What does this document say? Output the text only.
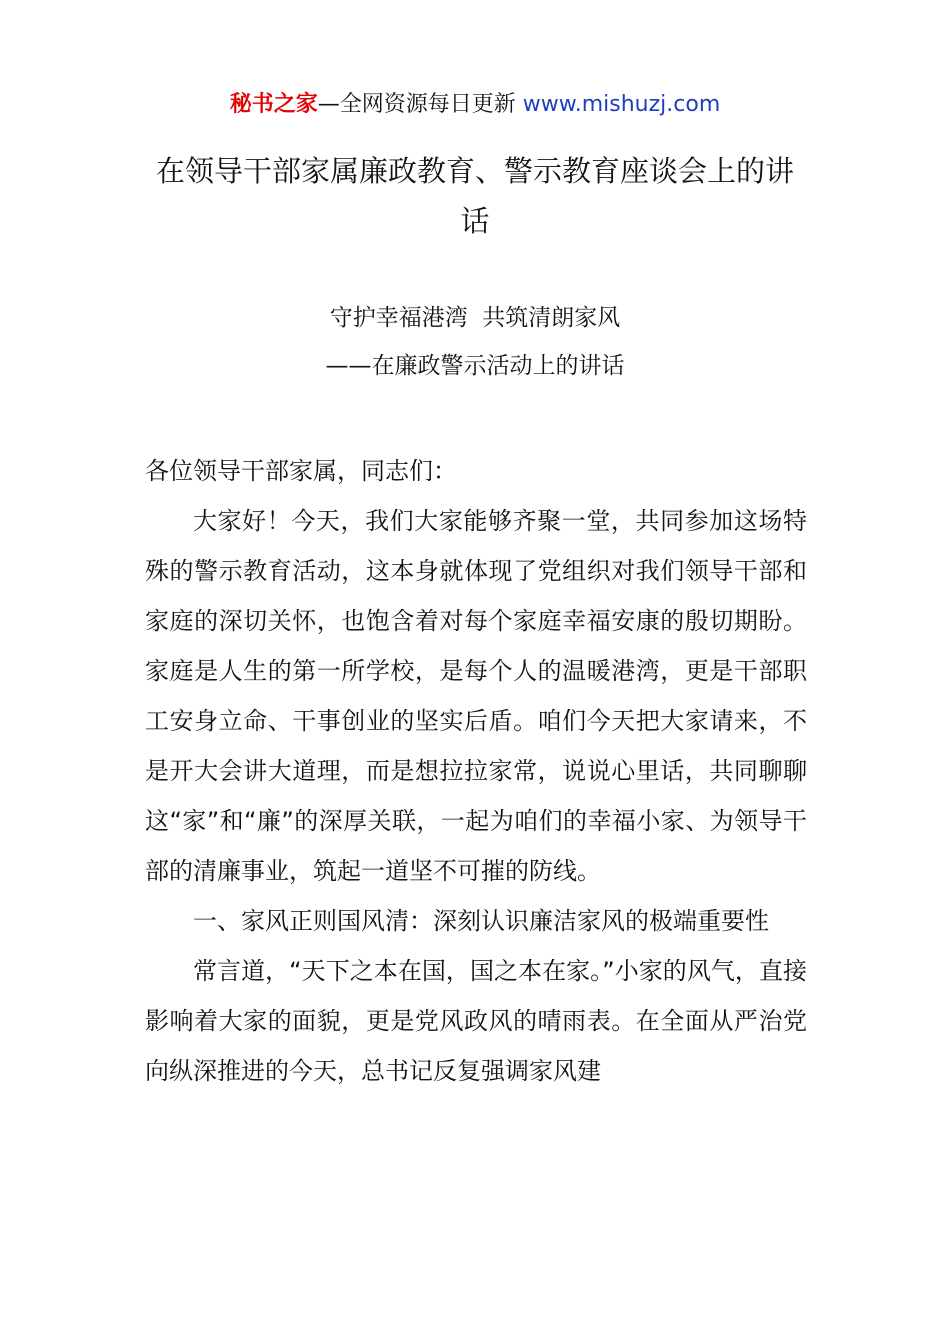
秘书之家—全网资源每日更新 www.mishuzj.com
在领导干部家属廉政教育、警示教育座谈会上的讲话

守护幸福港湾  共筑清朗家风

——在廉政警示活动上的讲话

各位领导干部家属，同志们：

大家好！今天，我们大家能够齐聚一堂，共同参加这场特殊的警示教育活动，这本身就体现了党组织对我们领导干部和家庭的深切关怀，也饱含着对每个家庭幸福安康的殷切期盼。家庭是人生的第一所学校，是每个人的温暖港湾，更是干部职工安身立命、干事创业的坚实后盾。咱们今天把大家请来，不是开大会讲大道理，而是想拉拉家常，说说心里话，共同聊聊这“家”和“廉”的深厚关联，一起为咱们的幸福小家、为领导干部的清廉事业，筑起一道坚不可摧的防线。

一、家风正则国风清：深刻认识廉洁家风的极端重要性

常言道，“天下之本在国，国之本在家。”小家的风气，直接影响着大家的面貌，更是党风政风的晴雨表。在全面从严治党向纵深推进的今天，总书记反复强调家风建
